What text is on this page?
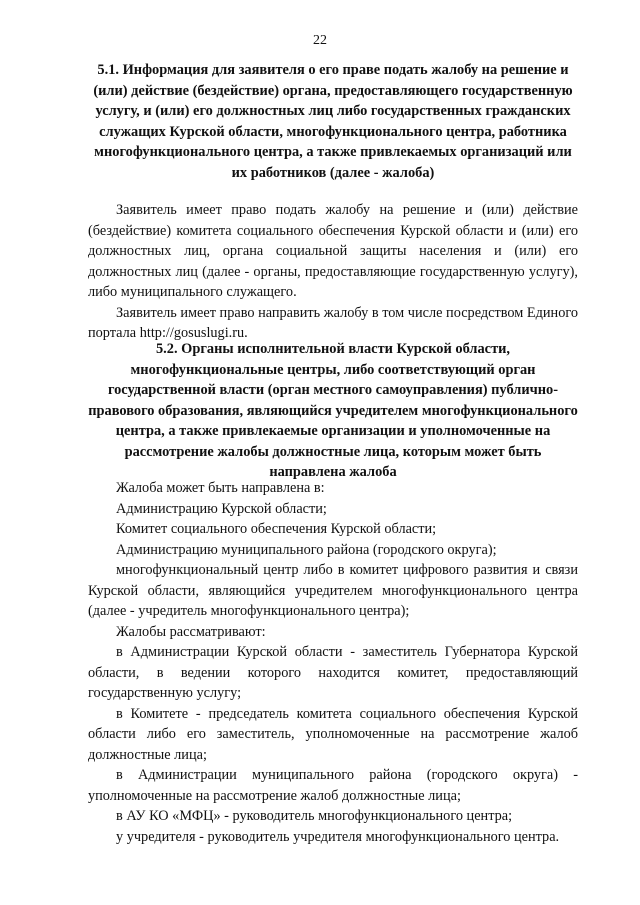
22

5.1. Информация для заявителя о его праве подать жалобу на решение и (или) действие (бездействие) органа, предоставляющего государственную услугу, и (или) его должностных лиц либо государственных гражданских служащих Курской области, многофункционального центра, работника многофункционального центра, а также привлекаемых организаций или их работников (далее - жалоба)

Заявитель имеет право подать жалобу на решение и (или) действие (бездействие) комитета социального обеспечения Курской области и (или) его должностных лиц, органа социальной защиты населения и (или) его должностных лиц (далее - органы, предоставляющие государственную услугу), либо муниципального служащего.

Заявитель имеет право направить жалобу в том числе посредством Единого портала http://gosuslugi.ru.

5.2. Органы исполнительной власти Курской области, многофункциональные центры, либо соответствующий орган государственной власти (орган местного самоуправления) публично-правового образования, являющийся учредителем многофункционального центра, а также привлекаемые организации и уполномоченные на рассмотрение жалобы должностные лица, которым может быть направлена жалоба

Жалоба может быть направлена в:

Администрацию Курской области;

Комитет социального обеспечения Курской области;

Администрацию муниципального района (городского округа);

многофункциональный центр либо в комитет цифрового развития и связи Курской области, являющийся учредителем многофункционального центра (далее - учредитель многофункционального центра);

Жалобы рассматривают:

в Администрации Курской области - заместитель Губернатора Курской области, в ведении которого находится комитет, предоставляющий государственную услугу;

в Комитете - председатель комитета социального обеспечения Курской области либо его заместитель, уполномоченные на рассмотрение жалоб должностные лица;

в Администрации муниципального района (городского округа) - уполномоченные на рассмотрение жалоб должностные лица;

в АУ КО «МФЦ» - руководитель многофункционального центра;

у учредителя - руководитель учредителя многофункционального центра.
